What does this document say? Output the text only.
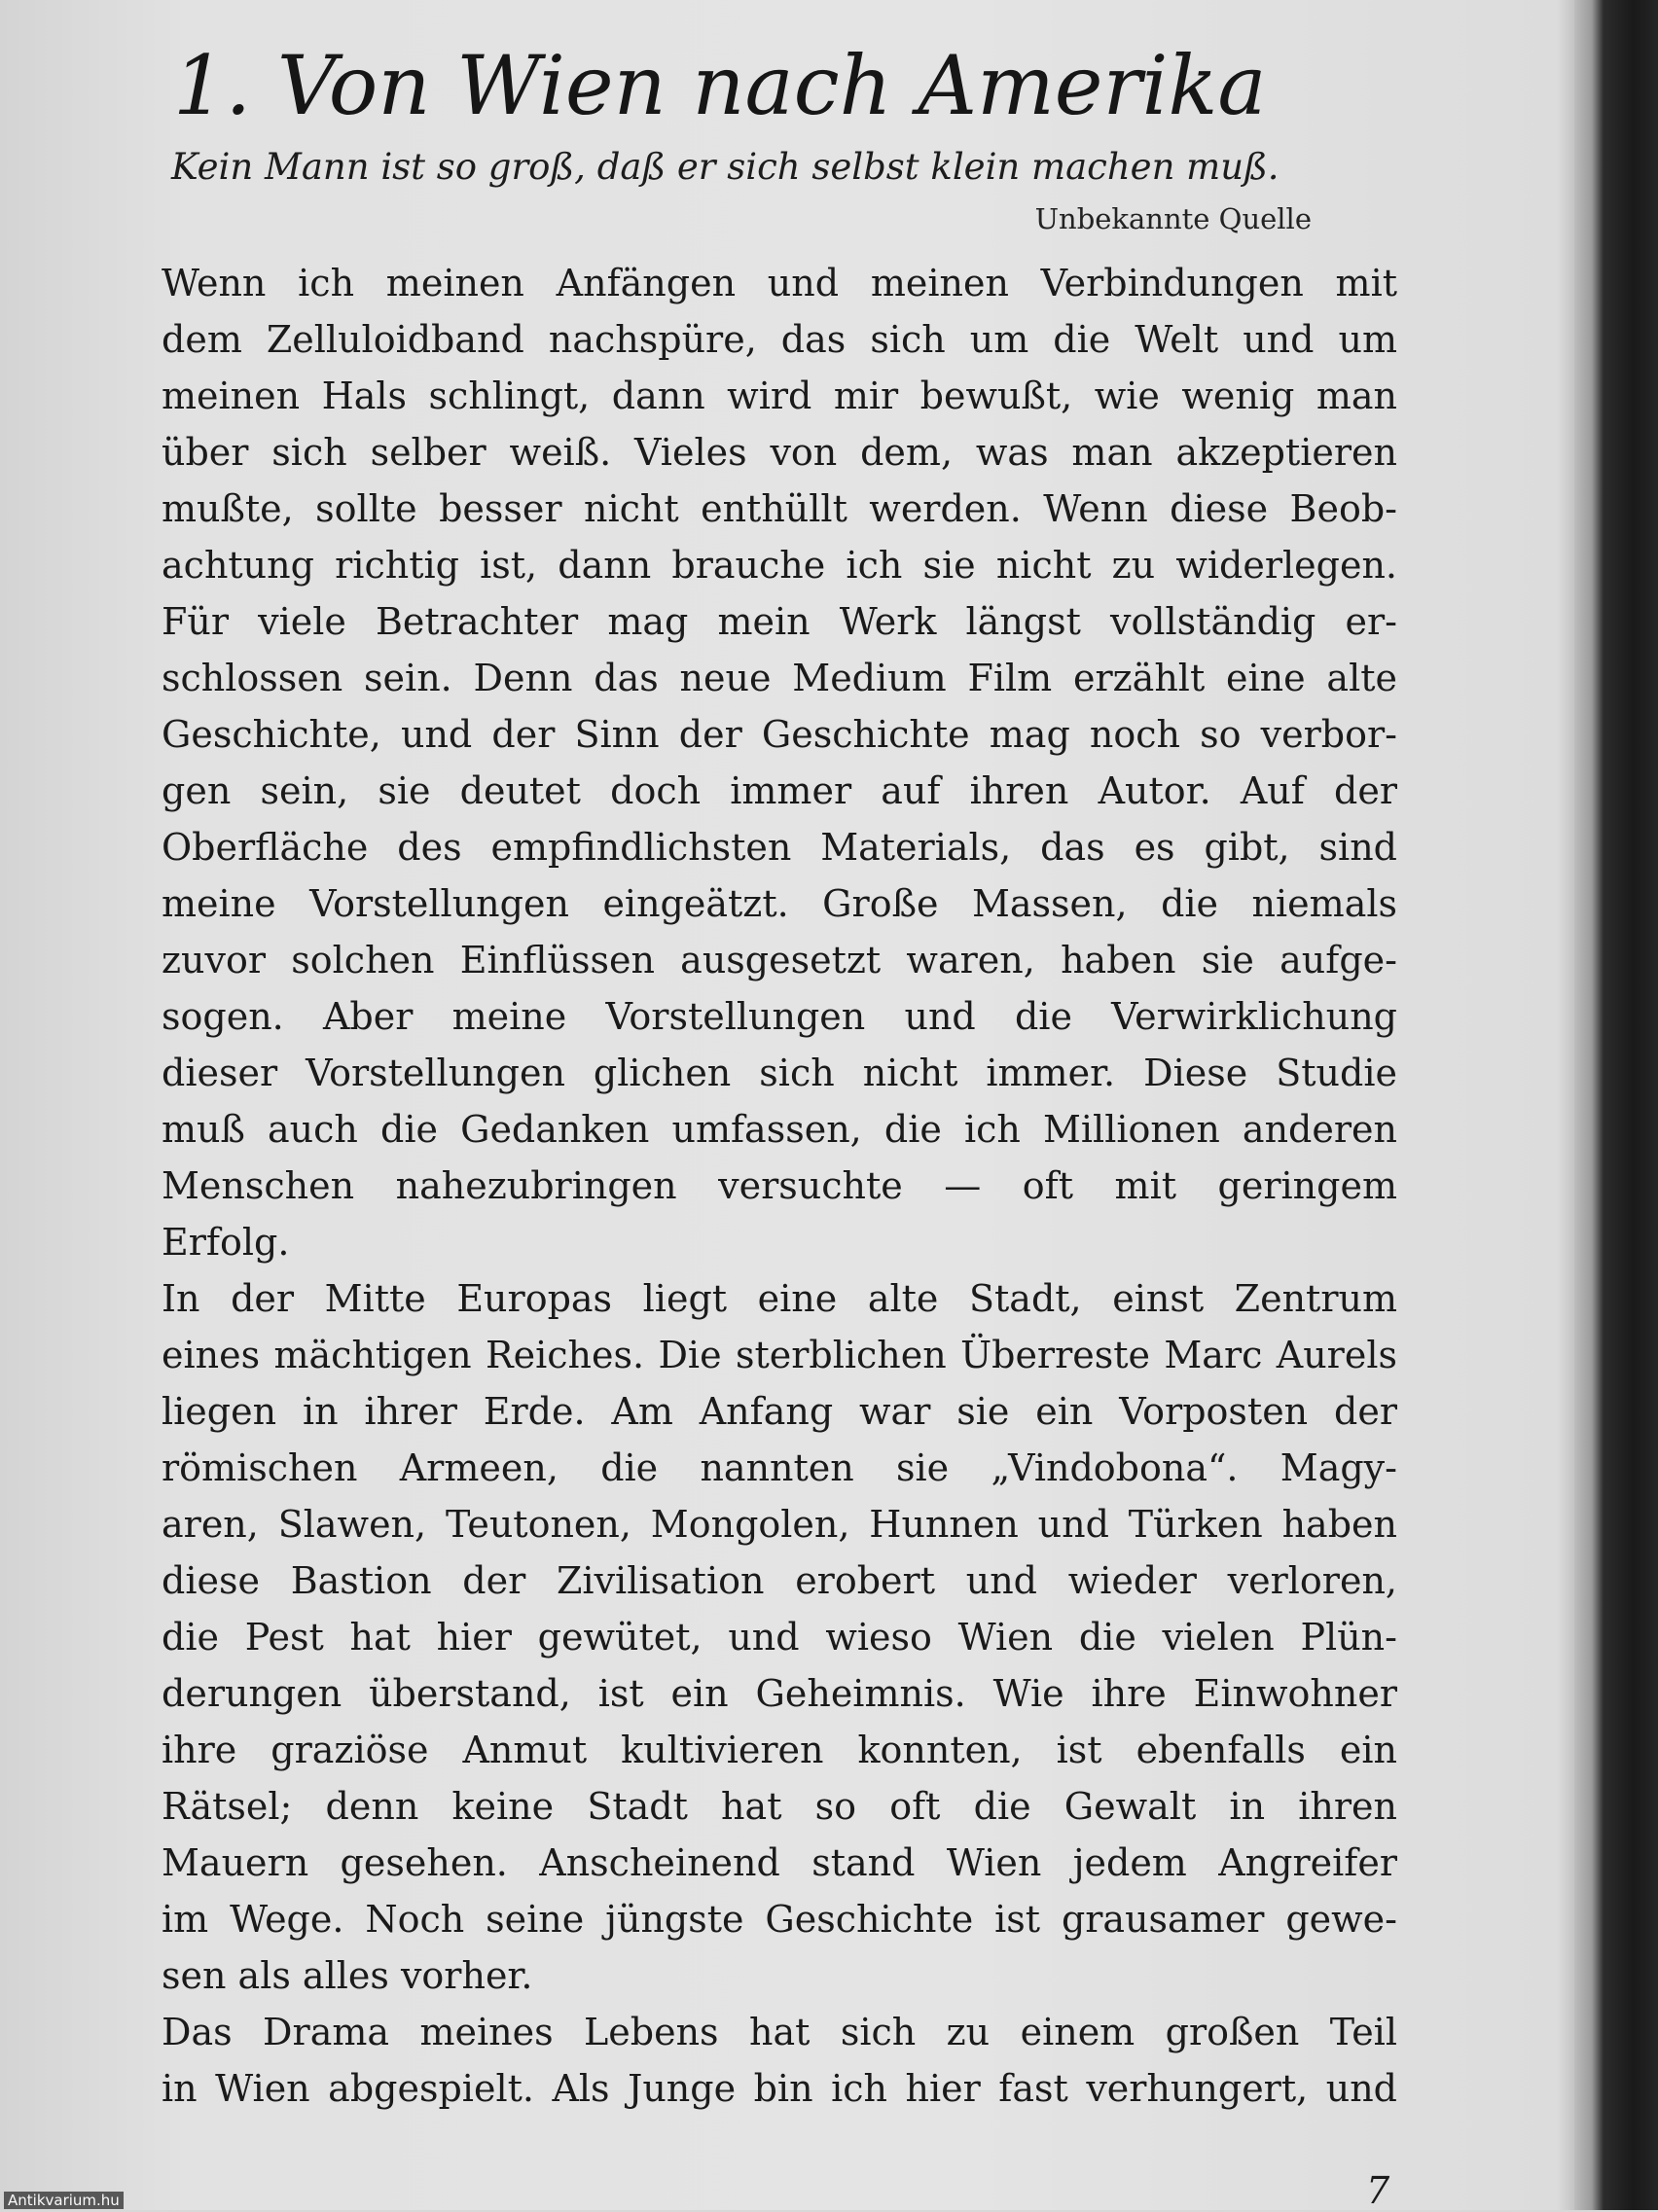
1. Von Wien nach Amerika

Kein Mann ist so groß, daß er sich selbst klein machen muß.

Unbekannte Quelle

Wenn ich meinen Anfängen und meinen Verbindungen mit
dem Zelluloidband nachspüre, das sich um die Welt und um
meinen Hals schlingt, dann wird mir bewußt, wie wenig man
über sich selber weiß. Vieles von dem, was man akzeptieren
mußte, sollte besser nicht enthüllt werden. Wenn diese Beob-
achtung richtig ist, dann brauche ich sie nicht zu widerlegen.
Für viele Betrachter mag mein Werk längst vollständig er-
schlossen sein. Denn das neue Medium Film erzählt eine alte
Geschichte, und der Sinn der Geschichte mag noch so verbor-
gen sein, sie deutet doch immer auf ihren Autor. Auf der
Oberfläche des empfindlichsten Materials, das es gibt, sind
meine Vorstellungen eingeätzt. Große Massen, die niemals
zuvor solchen Einflüssen ausgesetzt waren, haben sie aufge-
sogen. Aber meine Vorstellungen und die Verwirklichung
dieser Vorstellungen glichen sich nicht immer. Diese Studie
muß auch die Gedanken umfassen, die ich Millionen anderen
Menschen nahezubringen versuchte — oft mit geringem
Erfolg.
In der Mitte Europas liegt eine alte Stadt, einst Zentrum
eines mächtigen Reiches. Die sterblichen Überreste Marc Aurels
liegen in ihrer Erde. Am Anfang war sie ein Vorposten der
römischen Armeen, die nannten sie „Vindobona“. Magy-
aren, Slawen, Teutonen, Mongolen, Hunnen und Türken haben
diese Bastion der Zivilisation erobert und wieder verloren,
die Pest hat hier gewütet, und wieso Wien die vielen Plün-
derungen überstand, ist ein Geheimnis. Wie ihre Einwohner
ihre graziöse Anmut kultivieren konnten, ist ebenfalls ein
Rätsel; denn keine Stadt hat so oft die Gewalt in ihren
Mauern gesehen. Anscheinend stand Wien jedem Angreifer
im Wege. Noch seine jüngste Geschichte ist grausamer gewe-
sen als alles vorher.
Das Drama meines Lebens hat sich zu einem großen Teil
in Wien abgespielt. Als Junge bin ich hier fast verhungert, und

7

Antikvarium.hu
